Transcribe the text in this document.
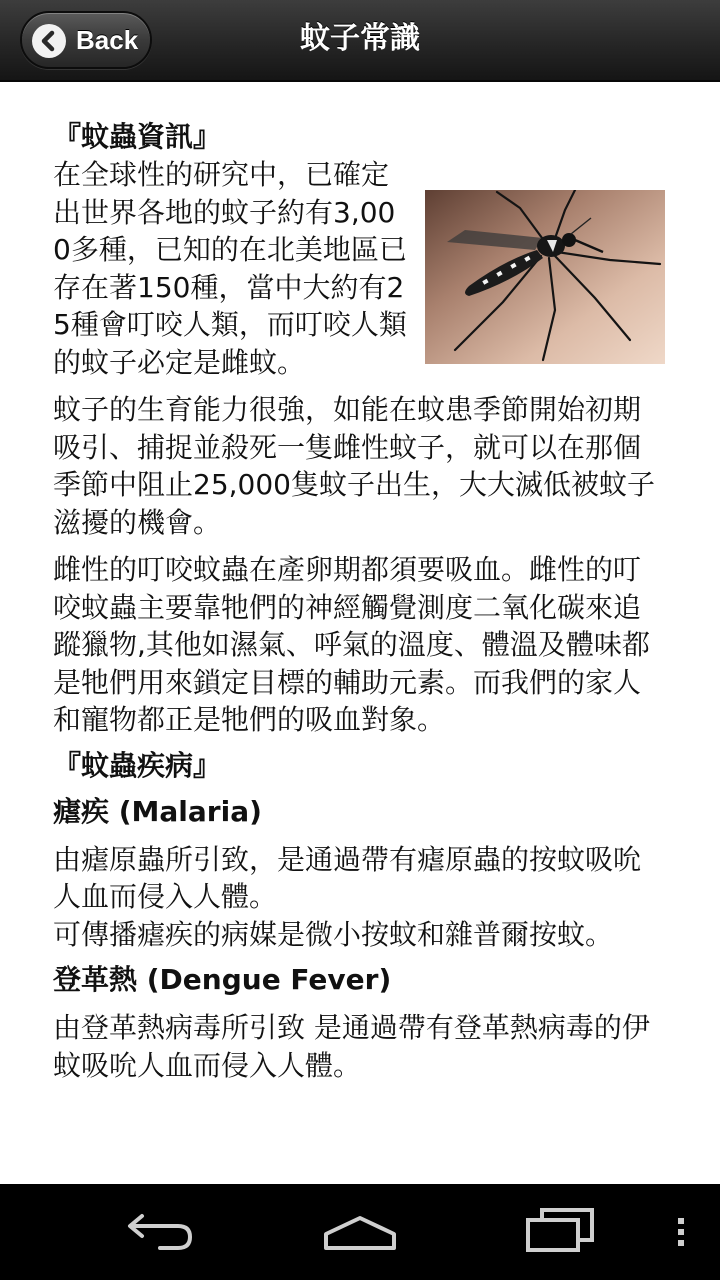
Back	蚊子常識
『蚊蟲資訊』
在全球性的研究中，已確定出世界各地的蚊子約有3,000多種，已知的在北美地區已存在著150種，當中大約有25種會叮咬人類，而叮咬人類的蚊子必定是雌蚊。
蚊子的生育能力很強，如能在蚊患季節開始初期吸引、捕捉並殺死一隻雌性蚊子，就可以在那個季節中阻止25,000隻蚊子出生，大大滅低被蚊子滋擾的機會。
雌性的叮咬蚊蟲在產卵期都須要吸血。雌性的叮咬蚊蟲主要靠牠們的神經觸覺測度二氧化碳來追蹤獵物,其他如濕氣、呼氣的溫度、體溫及體味都是牠們用來鎖定目標的輔助元素。而我們的家人和寵物都正是牠們的吸血對象。
『蚊蟲疾病』
瘧疾 (Malaria)
由瘧原蟲所引致，是通過帶有瘧原蟲的按蚊吸吮人血而侵入人體。
可傳播瘧疾的病媒是微小按蚊和雜普爾按蚊。
登革熱 (Dengue Fever)
由登革熱病毒所引致 是通過帶有登革熱病毒的伊蚊吸吮人血而侵入人體。
